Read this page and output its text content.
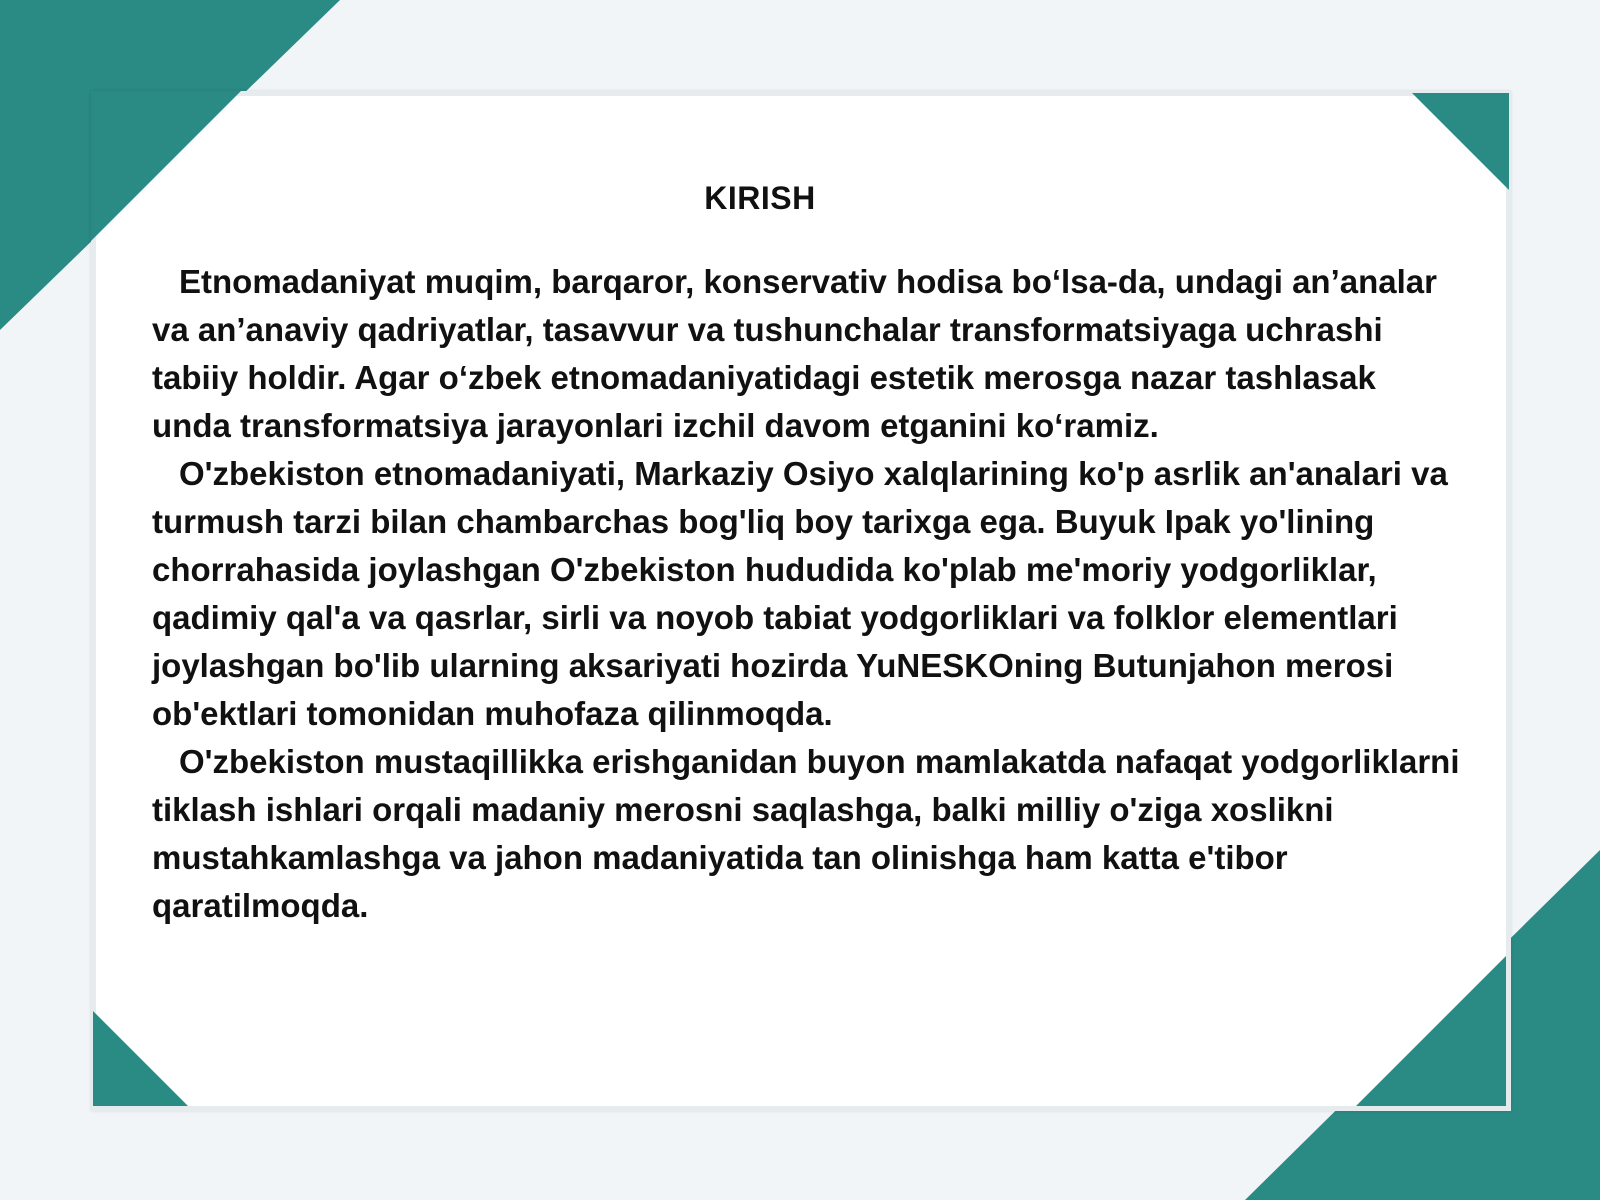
KIRISH

Etnomadaniyat muqim, barqaror, konservativ hodisa bo‘lsa-da, undagi an’analar va an’anaviy qadriyatlar, tasavvur va tushunchalar transformatsiyaga uchrashi tabiiy holdir. Agar o‘zbek etnomadaniyatidagi estetik merosga nazar tashlasak unda transformatsiya jarayonlari izchil davom etganini ko‘ramiz.

O'zbekiston etnomadaniyati, Markaziy Osiyo xalqlarining ko'p asrlik an'analari va turmush tarzi bilan chambarchas bog'liq boy tarixga ega. Buyuk Ipak yo'lining chorrahasida joylashgan O'zbekiston hududida ko'plab me'moriy yodgorliklar, qadimiy qal'a va qasrlar, sirli va noyob tabiat yodgorliklari va folklor elementlari joylashgan bo'lib ularning aksariyati hozirda YuNESKOning Butunjahon merosi ob'ektlari tomonidan muhofaza qilinmoqda.

O'zbekiston mustaqillikka erishganidan buyon mamlakatda nafaqat yodgorliklarni tiklash ishlari orqali madaniy merosni saqlashga, balki milliy o'ziga xoslikni mustahkamlashga va jahon madaniyatida tan olinishga ham katta e'tibor qaratilmoqda.
